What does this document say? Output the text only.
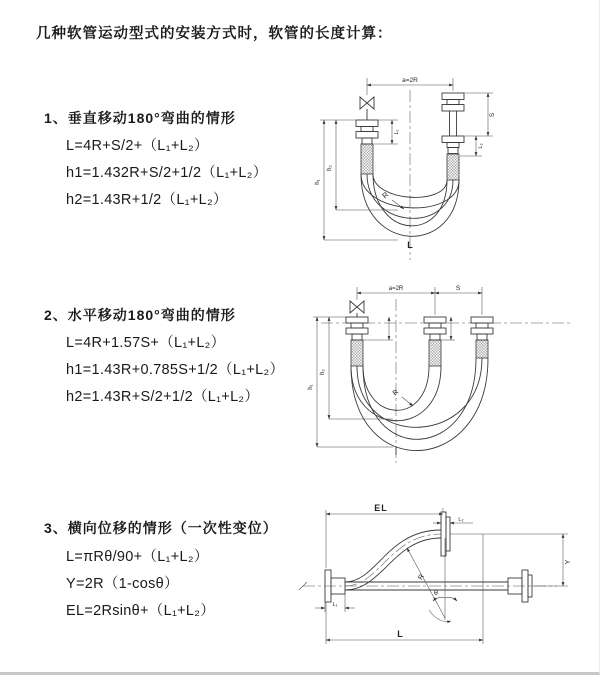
几种软管运动型式的安装方式时，软管的长度计算：
1、垂直移动180°弯曲的情形
L=4R+S/2+（L₁+L₂）
h1=1.432R+S/2+1/2（L₁+L₂）
h2=1.43R+1/2（L₁+L₂）
2、水平移动180°弯曲的情形
L=4R+1.57S+（L₁+L₂）
h1=1.43R+0.785S+1/2（L₁+L₂）
h2=1.43R+S/2+1/2（L₁+L₂）
3、横向位移的情形（一次性变位）
L=πRθ/90+（L₁+L₂）
Y=2R（1-cosθ）
EL=2Rsinθ+（L₁+L₂）
a=2R
L₁
S
L₂
h₁
h₂
R
L
a=2R	S
h₁
h₂
R
EL
L₂
Y
L
L₁
R
θ
